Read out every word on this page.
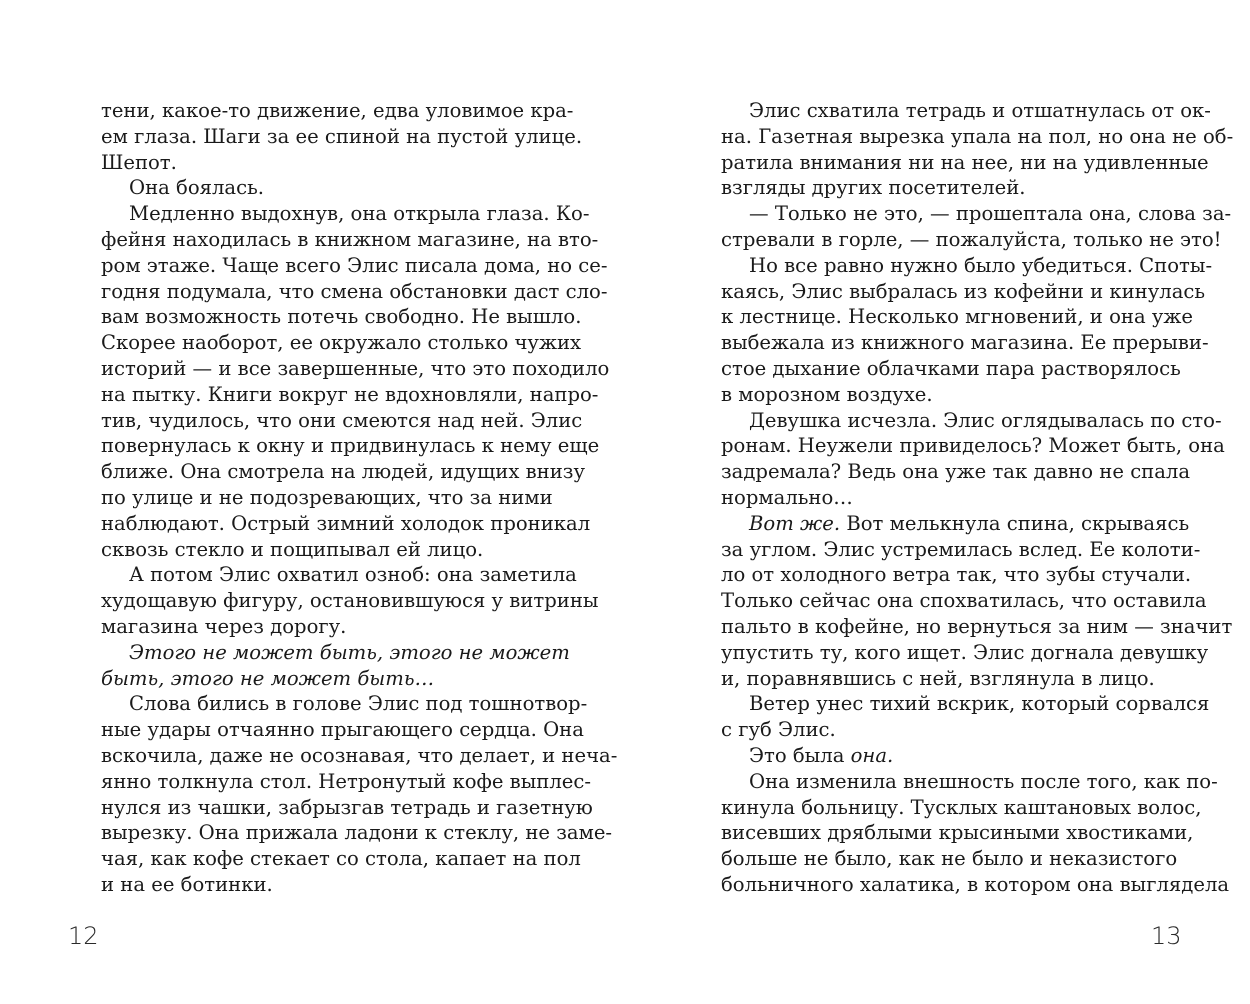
тени, какое-то движение, едва уловимое кра-
ем глаза. Шаги за ее спиной на пустой улице.
Шепот.
Она боялась.
Медленно выдохнув, она открыла глаза. Ко-
фейня находилась в книжном магазине, на вто-
ром этаже. Чаще всего Элис писала дома, но се-
годня подумала, что смена обстановки даст сло-
вам возможность потечь свободно. Не вышло.
Скорее наоборот, ее окружало столько чужих
историй — и все завершенные, что это походило
на пытку. Книги вокруг не вдохновляли, напро-
тив, чудилось, что они смеются над ней. Элис
повернулась к окну и придвинулась к нему еще
ближе. Она смотрела на людей, идущих внизу
по улице и не подозревающих, что за ними
наблюдают. Острый зимний холодок проникал
сквозь стекло и пощипывал ей лицо.
А потом Элис охватил озноб: она заметила
худощавую фигуру, остановившуюся у витрины
магазина через дорогу.
Этого не может быть, этого не может
быть, этого не может быть…
Слова бились в голове Элис под тошнотвор-
ные удары отчаянно прыгающего сердца. Она
вскочила, даже не осознавая, что делает, и неча-
янно толкнула стол. Нетронутый кофе выплес-
нулся из чашки, забрызгав тетрадь и газетную
вырезку. Она прижала ладони к стеклу, не заме-
чая, как кофе стекает со стола, капает на пол
и на ее ботинки.
Элис схватила тетрадь и отшатнулась от ок-
на. Газетная вырезка упала на пол, но она не об-
ратила внимания ни на нее, ни на удивленные
взгляды других посетителей.
— Только не это, — прошептала она, слова за-
стревали в горле, — пожалуйста, только не это!
Но все равно нужно было убедиться. Споты-
каясь, Элис выбралась из кофейни и кинулась
к лестнице. Несколько мгновений, и она уже
выбежала из книжного магазина. Ее прерыви-
стое дыхание облачками пара растворялось
в морозном воздухе.
Девушка исчезла. Элис оглядывалась по сто-
ронам. Неужели привиделось? Может быть, она
задремала? Ведь она уже так давно не спала
нормально…
Вот же. Вот мелькнула спина, скрываясь
за углом. Элис устремилась вслед. Ее колоти-
ло от холодного ветра так, что зубы стучали.
Только сейчас она спохватилась, что оставила
пальто в кофейне, но вернуться за ним — значит
упустить ту, кого ищет. Элис догнала девушку
и, поравнявшись с ней, взглянула в лицо.
Ветер унес тихий вскрик, который сорвался
с губ Элис.
Это была она.
Она изменила внешность после того, как по-
кинула больницу. Тусклых каштановых волос,
висевших дряблыми крысиными хвостиками,
больше не было, как не было и неказистого
больничного халатика, в котором она выглядела
12	13
